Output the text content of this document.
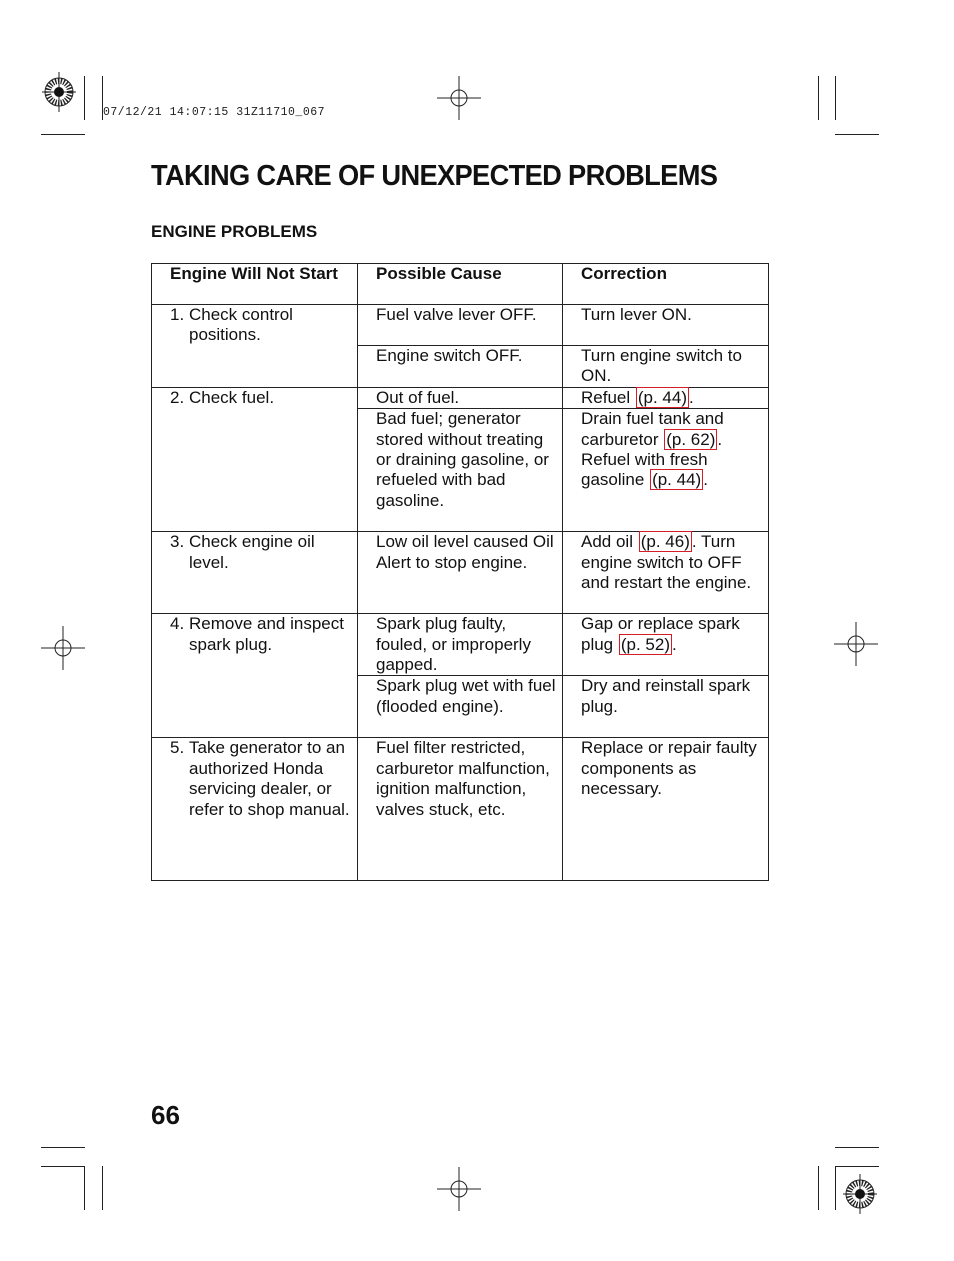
07/12/21 14:07:15 31Z11710_067
TAKING CARE OF UNEXPECTED PROBLEMS
ENGINE PROBLEMS
Engine Will Not Start	Possible Cause	Correction

1. Check control positions.	Fuel valve lever OFF.	Turn lever ON.
	Engine switch OFF.	Turn engine switch to ON.

2. Check fuel.	Out of fuel.	Refuel (p. 44) .
	Bad fuel; generator stored without treating or draining gasoline, or refueled with bad gasoline.	Drain fuel tank and carburetor (p. 62) . Refuel with fresh gasoline (p. 44) .

3. Check engine oil level.	Low oil level caused Oil Alert to stop engine.	Add oil (p. 46) . Turn engine switch to OFF and restart the engine.

4. Remove and inspect spark plug.	Spark plug faulty, fouled, or improperly gapped.	Gap or replace spark plug (p. 52) .
	Spark plug wet with fuel (flooded engine).	Dry and reinstall spark plug.

5. Take generator to an authorized Honda servicing dealer, or refer to shop manual.	Fuel filter restricted, carburetor malfunction, ignition malfunction, valves stuck, etc.	Replace or repair faulty components as necessary.
66
